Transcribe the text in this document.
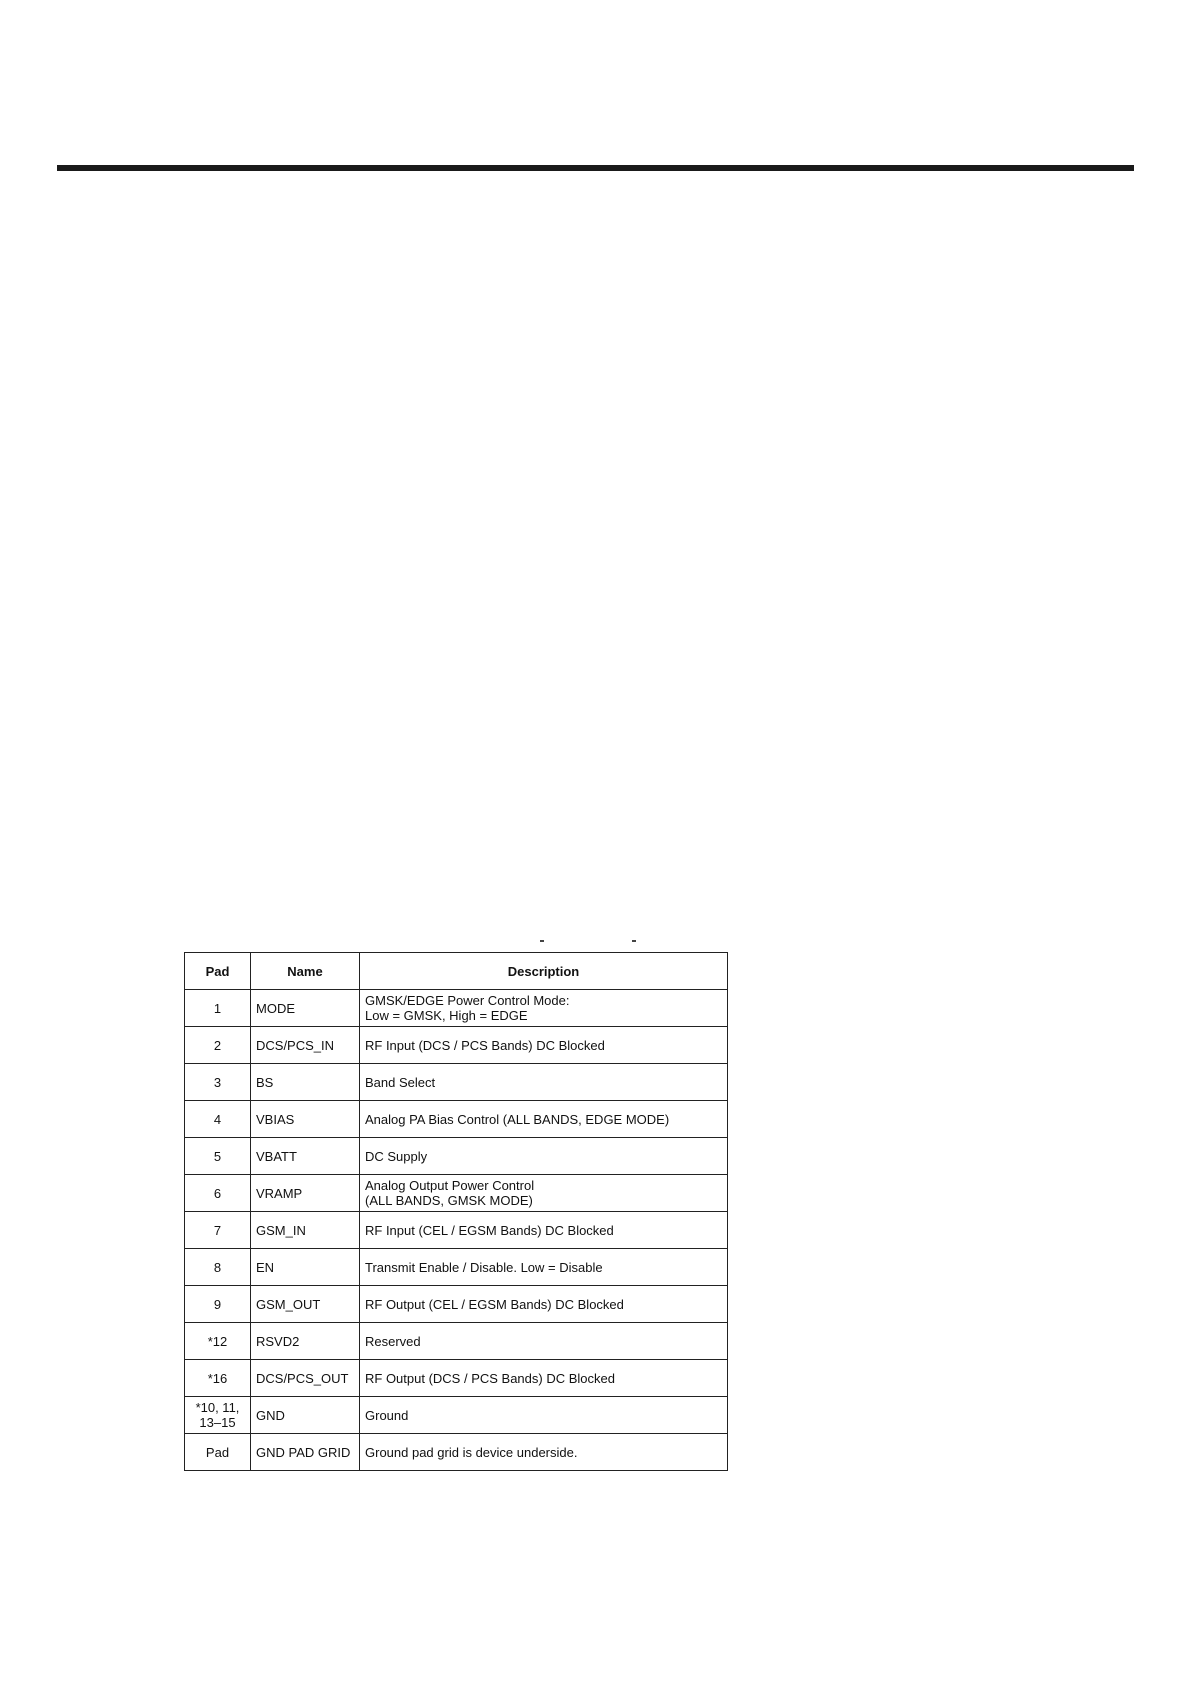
Pad	Name	Description

1	MODE	GMSK/EDGE Power Control Mode:
Low = GMSK, High = EDGE

2	DCS/PCS_IN	RF Input (DCS / PCS Bands) DC Blocked

3	BS	Band Select

4	VBIAS	Analog PA Bias Control (ALL BANDS, EDGE MODE)

5	VBATT	DC Supply

6	VRAMP	Analog Output Power Control
(ALL BANDS, GMSK MODE)

7	GSM_IN	RF Input (CEL / EGSM Bands) DC Blocked

8	EN	Transmit Enable / Disable. Low = Disable

9	GSM_OUT	RF Output (CEL / EGSM Bands) DC Blocked

*12	RSVD2	Reserved

*16	DCS/PCS_OUT	RF Output (DCS / PCS Bands) DC Blocked

*10, 11,
13–15	GND	Ground

Pad	GND PAD GRID	Ground pad grid is device underside.
